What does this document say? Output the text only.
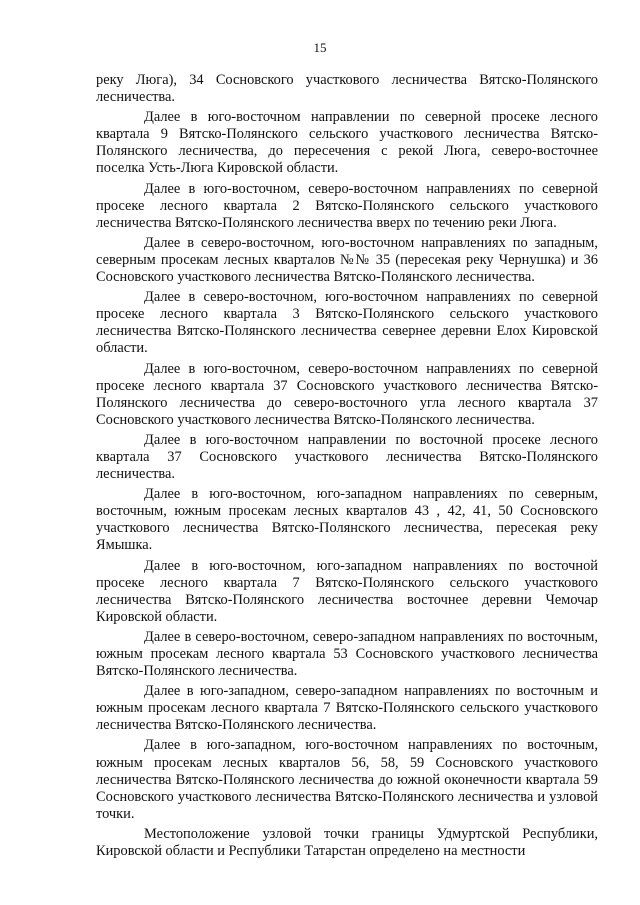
15

реку Люга), 34 Сосновского участкового лесничества Вятско-Полянского лесничества.

Далее в юго-восточном направлении по северной просеке лесного квартала 9 Вятско-Полянского сельского участкового лесничества Вятско-Полянского лесничества, до пересечения с рекой Люга, северо-восточнее поселка Усть-Люга Кировской области.

Далее в юго-восточном, северо-восточном направлениях по северной просеке лесного квартала 2 Вятско-Полянского сельского участкового лесничества Вятско-Полянского лесничества вверх по течению реки Люга.

Далее в северо-восточном, юго-восточном направлениях по западным, северным просекам лесных кварталов №№ 35 (пересекая реку Чернушка) и 36 Сосновского участкового лесничества Вятско-Полянского лесничества.

Далее в северо-восточном, юго-восточном направлениях по северной просеке лесного квартала 3 Вятско-Полянского сельского участкового лесничества Вятско-Полянского лесничества севернее деревни Елох Кировской области.

Далее в юго-восточном, северо-восточном направлениях по северной просеке лесного квартала 37 Сосновского участкового лесничества Вятско-Полянского лесничества до северо-восточного угла лесного квартала 37 Сосновского участкового лесничества Вятско-Полянского лесничества.

Далее в юго-восточном направлении по восточной просеке лесного квартала 37 Сосновского участкового лесничества Вятско-Полянского лесничества.

Далее в юго-восточном, юго-западном направлениях по северным, восточным, южным просекам лесных кварталов 43 , 42, 41, 50 Сосновского участкового лесничества Вятско-Полянского лесничества, пересекая реку Ямышка.

Далее в юго-восточном, юго-западном направлениях по восточной просеке лесного квартала 7 Вятско-Полянского сельского участкового лесничества Вятско-Полянского лесничества восточнее деревни Чемочар Кировской области.

Далее в северо-восточном, северо-западном направлениях по восточным, южным просекам лесного квартала 53 Сосновского участкового лесничества Вятско-Полянского лесничества.

Далее в юго-западном, северо-западном направлениях по восточным и южным просекам лесного квартала 7 Вятско-Полянского сельского участкового лесничества Вятско-Полянского лесничества.

Далее в юго-западном, юго-восточном направлениях по восточным, южным просекам лесных кварталов 56, 58, 59 Сосновского участкового лесничества Вятско-Полянского лесничества до южной оконечности квартала 59 Сосновского участкового лесничества Вятско-Полянского лесничества и узловой точки.

Местоположение узловой точки границы Удмуртской Республики, Кировской области и Республики Татарстан определено на местности
